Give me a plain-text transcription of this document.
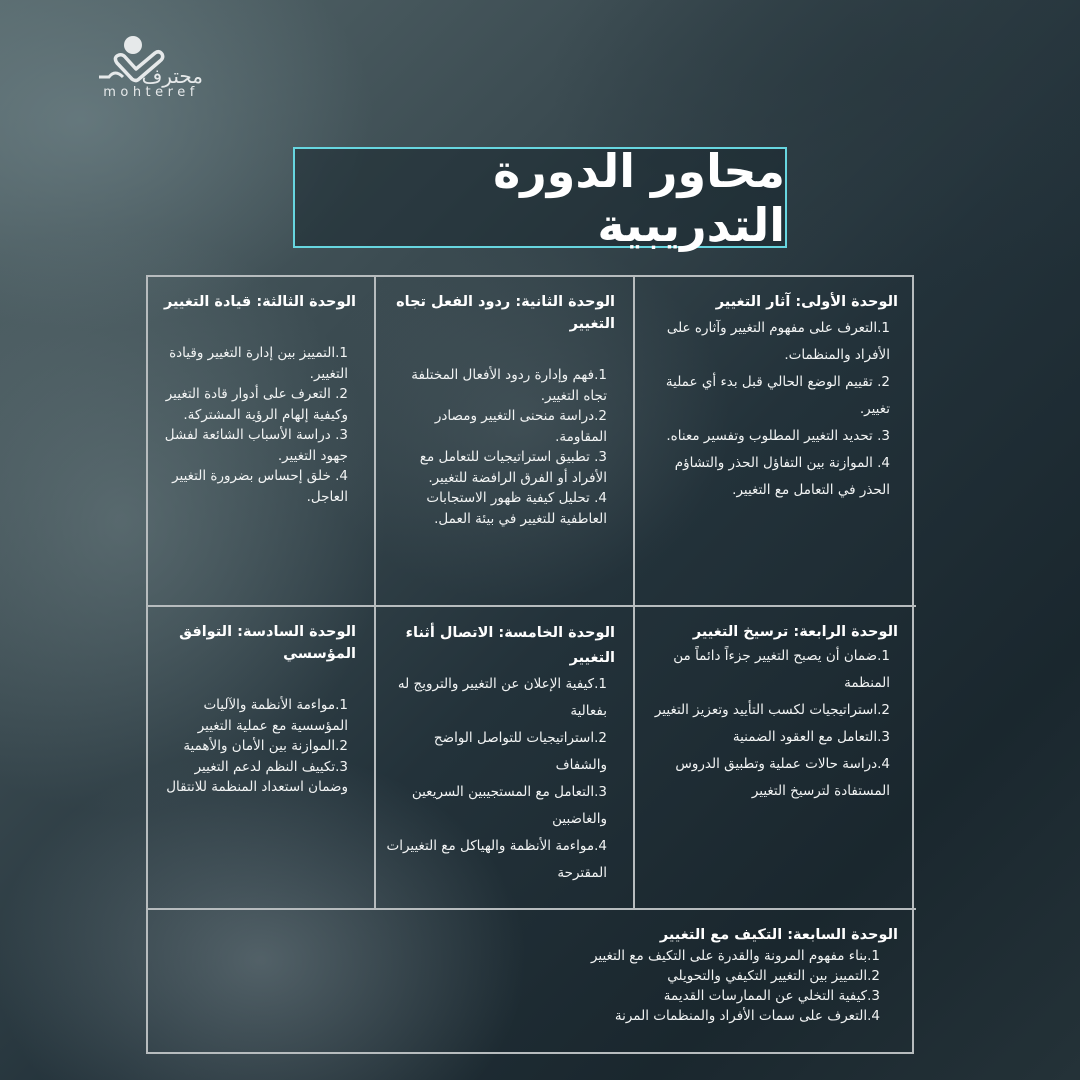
محترف
mohteref
محاور الدورة التدريبية
الوحدة الثالثة: قيادة التغيير
1.التمييز بين إدارة التغيير وقيادة التغيير.
2. التعرف على أدوار قادة التغيير وكيفية إلهام الرؤية المشتركة.
3. دراسة الأسباب الشائعة لفشل جهود التغيير.
4. خلق إحساس بضرورة التغيير العاجل.
الوحدة الثانية: ردود الفعل تجاه التغيير
1.فهم وإدارة ردود الأفعال المختلفة تجاه التغيير.
2.دراسة منحنى التغيير ومصادر المقاومة.
3. تطبيق استراتيجيات للتعامل مع الأفراد أو الفرق الرافضة للتغيير.
4. تحليل كيفية ظهور الاستجابات العاطفية للتغيير في بيئة العمل.
الوحدة الأولى: آثار التغيير
1.التعرف على مفهوم التغيير وآثاره على الأفراد والمنظمات.
2. تقييم الوضع الحالي قبل بدء أي عملية تغيير.
3. تحديد التغيير المطلوب وتفسير معناه.
4. الموازنة بين التفاؤل الحذر والتشاؤم الحذر في التعامل مع التغيير.
الوحدة السادسة: التوافق المؤسسي
1.مواءمة الأنظمة والآليات المؤسسية مع عملية التغيير
2.الموازنة بين الأمان والأهمية
3.تكييف النظم لدعم التغيير وضمان استعداد المنظمة للانتقال
الوحدة الخامسة: الاتصال أثناء التغيير
1.كيفية الإعلان عن التغيير والترويج له بفعالية
2.استراتيجيات للتواصل الواضح والشفاف
3.التعامل مع المستجيبين السريعين والغاضبين
4.مواءمة الأنظمة والهياكل مع التغييرات المقترحة
الوحدة الرابعة: ترسيخ التغيير
1.ضمان أن يصبح التغيير جزءاً دائماً من المنظمة
2.استراتيجيات لكسب التأييد وتعزيز التغيير
3.التعامل مع العقود الضمنية
4.دراسة حالات عملية وتطبيق الدروس المستفادة لترسيخ التغيير
الوحدة السابعة: التكيف مع التغيير
1.بناء مفهوم المرونة والقدرة على التكيف مع التغيير
2.التمييز بين التغيير التكيفي والتحويلي
3.كيفية التخلي عن الممارسات القديمة
4.التعرف على سمات الأفراد والمنظمات المرنة
